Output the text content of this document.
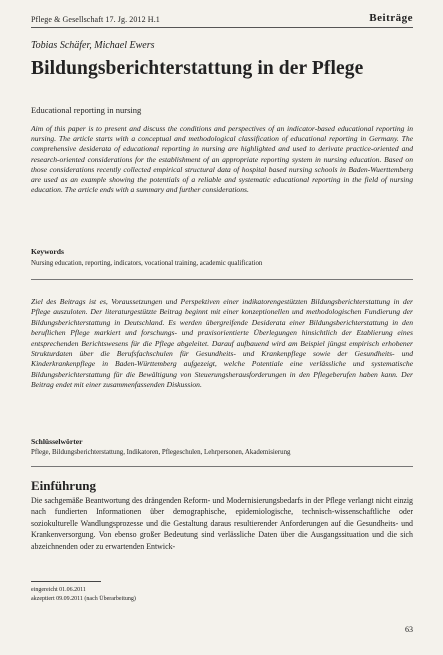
Pflege & Gesellschaft 17. Jg. 2012 H.1	Beiträge
Tobias Schäfer, Michael Ewers
Bildungsberichterstattung in der Pflege
Educational reporting in nursing

Aim of this paper is to present and discuss the conditions and perspectives of an indicator-based educational reporting in nursing. The article starts with a conceptual and methodological classification of educational reporting in Germany. The comprehensive desiderata of educational reporting in nursing are highlighted and used to derivate practice-oriented and research-oriented considerations for the establishment of an appropriate reporting system in nursing education. Based on those considerations recently collected empirical structural data of hospital based nursing schools in Baden-Wuerttemberg are used as an example showing the potentials of a reliable and systematic educational reporting in the field of nursing education. The article ends with a summary and further considerations.

Keywords
Nursing education, reporting, indicators, vocational training, academic qualification

Ziel des Beitrags ist es, Voraussetzungen und Perspektiven einer indikatorengestützten Bildungsberichterstattung in der Pflege auszuloten. Der literaturgestützte Beitrag beginnt mit einer konzeptionellen und methodologischen Fundierung der Bildungsberichterstattung in Deutschland. Es werden übergreifende Desiderata einer Bildungsberichterstattung in den beruflichen Pflege markiert und forschungs- und praxisorientierte Überlegungen hinsichtlich der Etablierung eines entsprechenden Berichtswesens für die Pflege abgeleitet. Darauf aufbauend wird am Beispiel jüngst empirisch erhobener Strukturdaten über die Berufsfachschulen für Gesundheits- und Krankenpflege sowie der Gesundheits- und Kinderkrankenpflege in Baden-Württemberg aufgezeigt, welche Potentiale eine verlässliche und systematische Bildungsberichterstattung für die Bewältigung von Steuerungsherausforderungen in den Pflegeberufen haben kann. Der Beitrag endet mit einer zusammenfassenden Diskussion.

Schlüsselwörter
Pflege, Bildungsberichterstattung, Indikatoren, Pflegeschulen, Lehrpersonen, Akademisierung
Einführung

Die sachgemäße Beantwortung des drängenden Reform- und Modernisierungsbedarfs in der Pflege verlangt nicht einzig nach fundierten Informationen über demographische, epidemiologische, technisch-wissenschaftliche oder soziokulturelle Wandlungsprozesse und die Gestaltung daraus resultierender Anforderungen auf die Gesundheits- und Krankenversorgung. Von ebenso großer Bedeutung sind verlässliche Daten über die Ausgangssituation und die sich abzeichnenden oder zu erwartenden Entwick-

eingereicht 01.06.2011
akzeptiert 09.09.2011 (nach Überarbeitung)
63
